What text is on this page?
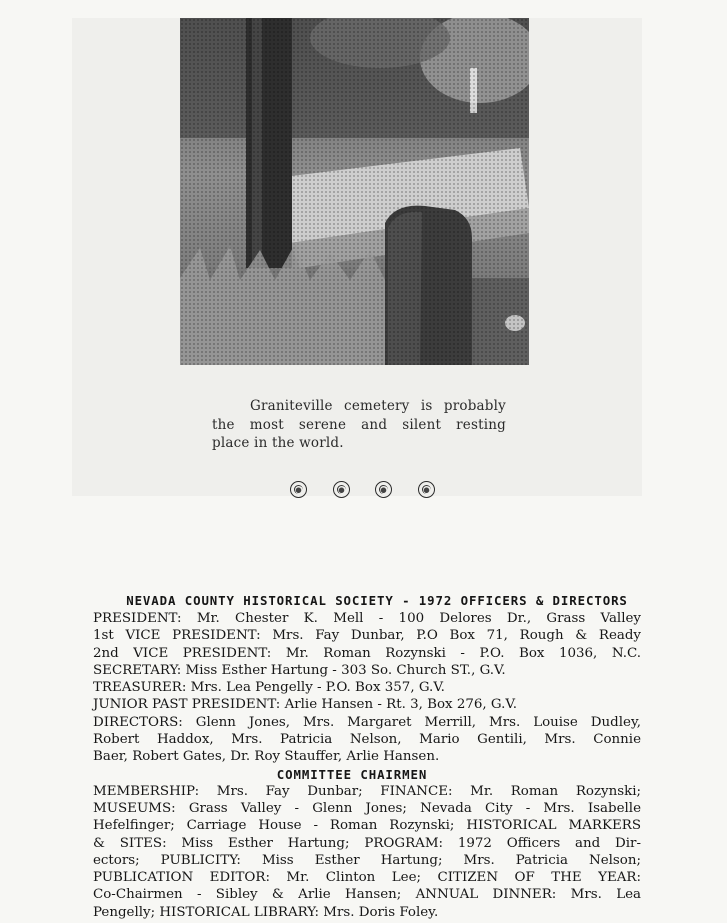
Graniteville cemetery is probably
the most serene and silent resting
place in the world.
NEVADA COUNTY HISTORICAL SOCIETY - 1972 OFFICERS & DIRECTORS
PRESIDENT: Mr. Chester K. Mell - 100 Delores Dr., Grass Valley
1st VICE PRESIDENT: Mrs. Fay Dunbar, P.O Box 71, Rough & Ready
2nd VICE PRESIDENT: Mr. Roman Rozynski - P.O. Box 1036, N.C.
SECRETARY: Miss Esther Hartung - 303 So. Church ST., G.V.
TREASURER: Mrs. Lea Pengelly - P.O. Box 357, G.V.
JUNIOR PAST PRESIDENT: Arlie Hansen - Rt. 3, Box 276, G.V.
DIRECTORS: Glenn Jones, Mrs. Margaret Merrill, Mrs. Louise Dudley,
Robert Haddox, Mrs. Patricia Nelson, Mario Gentili, Mrs. Connie
Baer, Robert Gates, Dr. Roy Stauffer, Arlie Hansen.
COMMITTEE CHAIRMEN
MEMBERSHIP: Mrs. Fay Dunbar; FINANCE: Mr. Roman Rozynski;
MUSEUMS: Grass Valley - Glenn Jones; Nevada City - Mrs. Isabelle
Hefelfinger; Carriage House - Roman Rozynski; HISTORICAL MARKERS
& SITES: Miss Esther Hartung; PROGRAM: 1972 Officers and Dir-
ectors; PUBLICITY: Miss Esther Hartung; Mrs. Patricia Nelson;
PUBLICATION EDITOR: Mr. Clinton Lee; CITIZEN OF THE YEAR:
Co-Chairmen - Sibley & Arlie Hansen; ANNUAL DINNER: Mrs. Lea
Pengelly; HISTORICAL LIBRARY: Mrs. Doris Foley.
